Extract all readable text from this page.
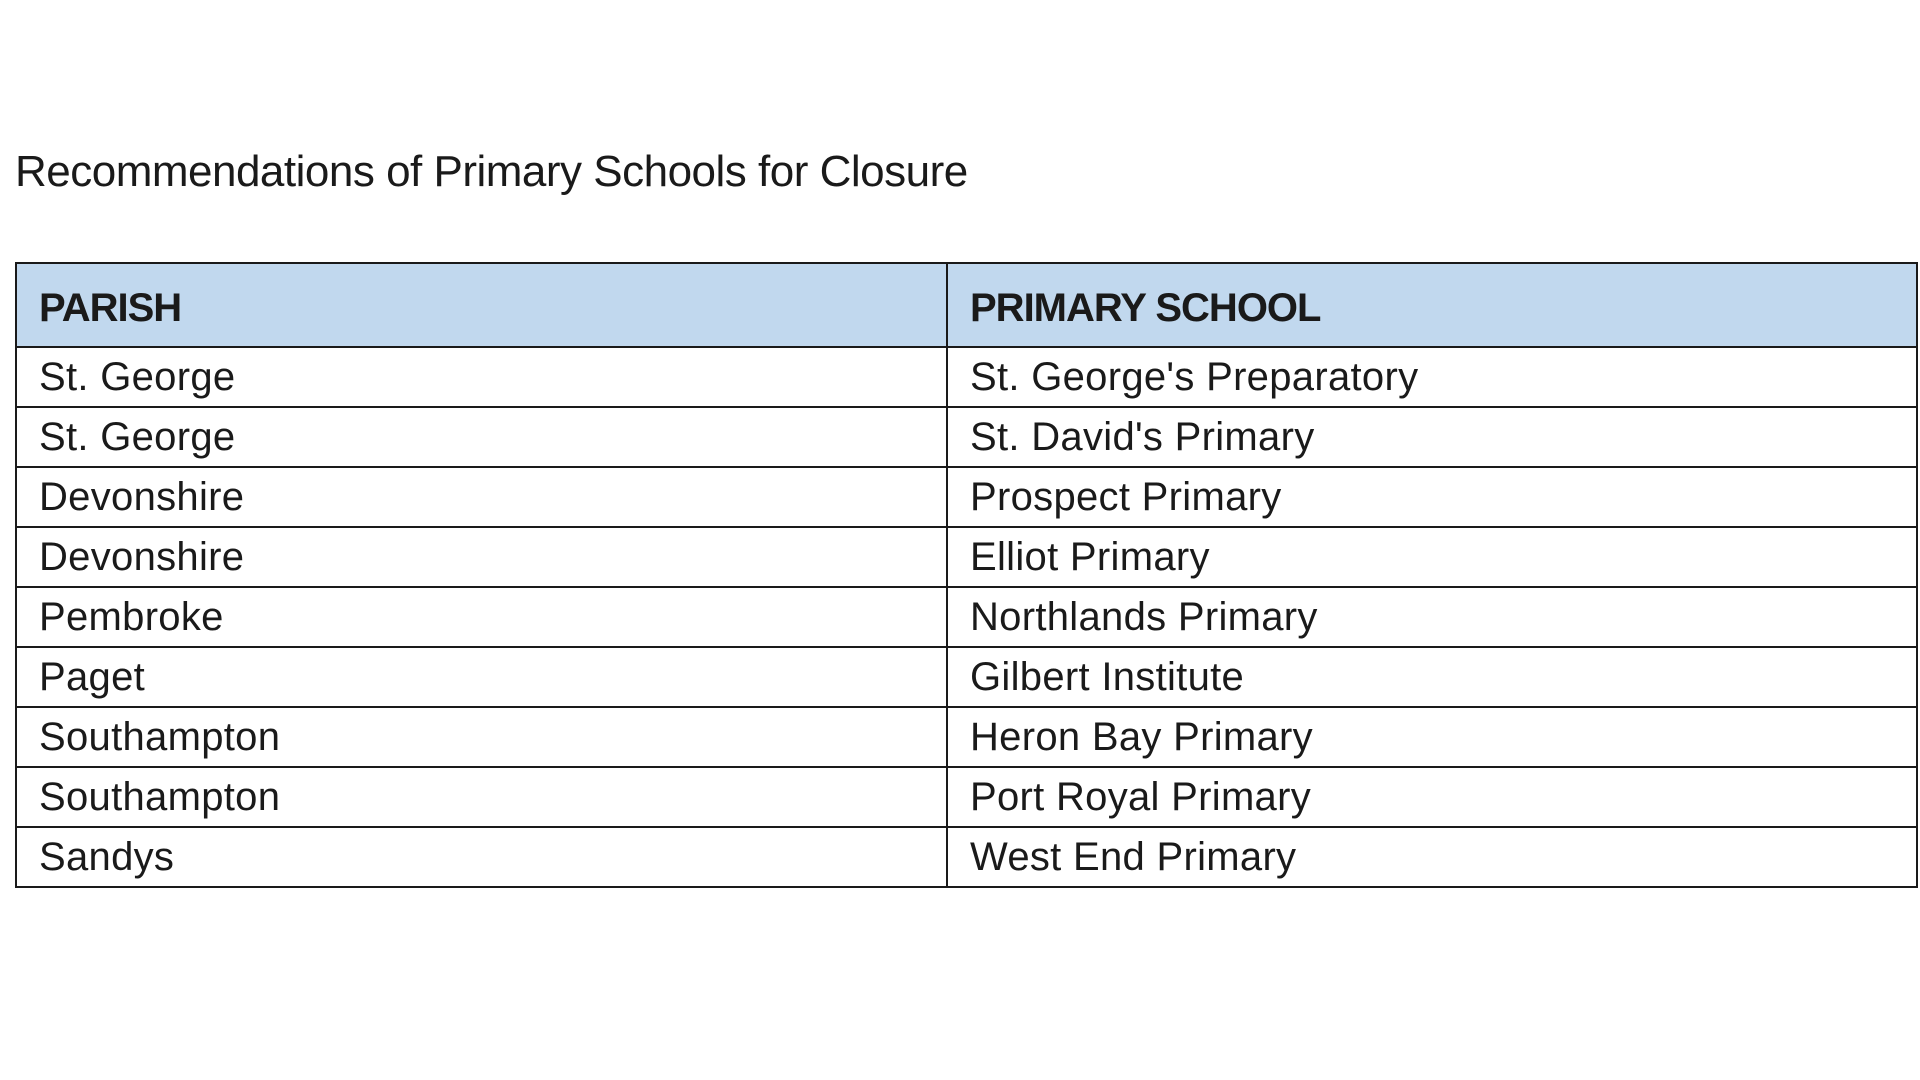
Recommendations of Primary Schools for Closure
PARISH	PRIMARY SCHOOL
St. George	St. George's Preparatory
St. George	St. David's Primary
Devonshire	Prospect Primary
Devonshire	Elliot Primary
Pembroke	Northlands Primary
Paget	Gilbert Institute
Southampton	Heron Bay Primary
Southampton	Port Royal Primary
Sandys	West End Primary
